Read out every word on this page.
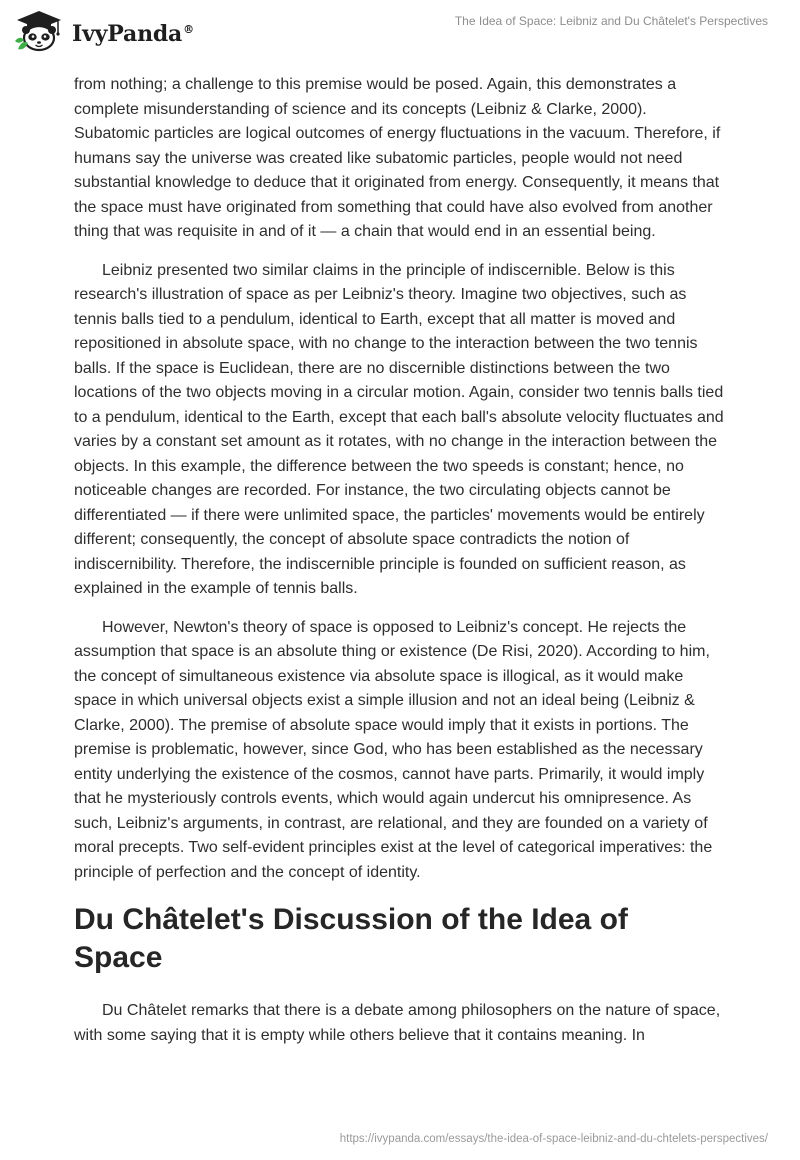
IvyPanda®
The Idea of Space: Leibniz and Du Châtelet's Perspectives

from nothing; a challenge to this premise would be posed. Again, this demonstrates a complete misunderstanding of science and its concepts (Leibniz & Clarke, 2000). Subatomic particles are logical outcomes of energy fluctuations in the vacuum. Therefore, if humans say the universe was created like subatomic particles, people would not need substantial knowledge to deduce that it originated from energy. Consequently, it means that the space must have originated from something that could have also evolved from another thing that was requisite in and of it — a chain that would end in an essential being.

Leibniz presented two similar claims in the principle of indiscernible. Below is this research's illustration of space as per Leibniz's theory. Imagine two objectives, such as tennis balls tied to a pendulum, identical to Earth, except that all matter is moved and repositioned in absolute space, with no change to the interaction between the two tennis balls. If the space is Euclidean, there are no discernible distinctions between the two locations of the two objects moving in a circular motion. Again, consider two tennis balls tied to a pendulum, identical to the Earth, except that each ball's absolute velocity fluctuates and varies by a constant set amount as it rotates, with no change in the interaction between the objects. In this example, the difference between the two speeds is constant; hence, no noticeable changes are recorded. For instance, the two circulating objects cannot be differentiated — if there were unlimited space, the particles' movements would be entirely different; consequently, the concept of absolute space contradicts the notion of indiscernibility. Therefore, the indiscernible principle is founded on sufficient reason, as explained in the example of tennis balls.

However, Newton's theory of space is opposed to Leibniz's concept. He rejects the assumption that space is an absolute thing or existence (De Risi, 2020). According to him, the concept of simultaneous existence via absolute space is illogical, as it would make space in which universal objects exist a simple illusion and not an ideal being (Leibniz & Clarke, 2000). The premise of absolute space would imply that it exists in portions. The premise is problematic, however, since God, who has been established as the necessary entity underlying the existence of the cosmos, cannot have parts. Primarily, it would imply that he mysteriously controls events, which would again undercut his omnipresence. As such, Leibniz's arguments, in contrast, are relational, and they are founded on a variety of moral precepts. Two self-evident principles exist at the level of categorical imperatives: the principle of perfection and the concept of identity.

Du Châtelet's Discussion of the Idea of Space

Du Châtelet remarks that there is a debate among philosophers on the nature of space, with some saying that it is empty while others believe that it contains meaning. In

https://ivypanda.com/essays/the-idea-of-space-leibniz-and-du-chtelets-perspectives/
